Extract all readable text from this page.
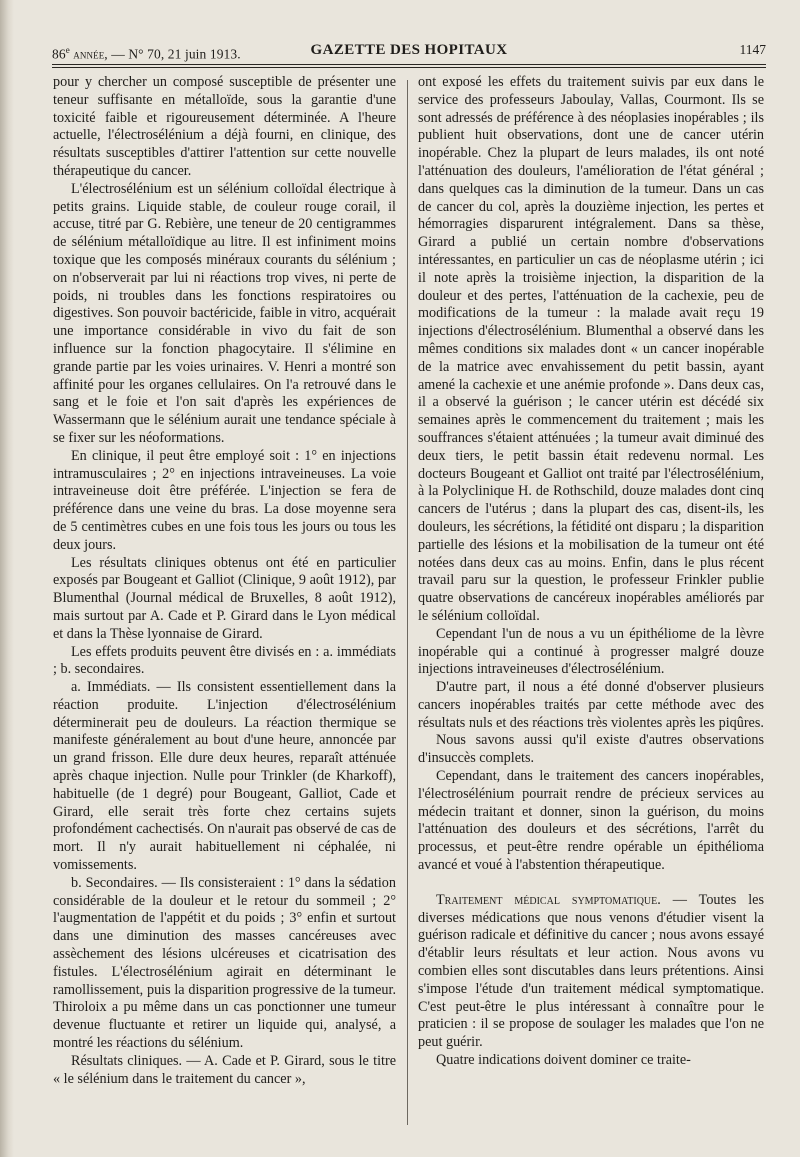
86e année, — N° 70, 21 juin 1913.	GAZETTE DES HOPITAUX	1147

pour y chercher un composé susceptible de présenter une teneur suffisante en métalloïde, sous la garantie d'une toxicité faible et rigoureusement déterminée. A l'heure actuelle, l'électrosélénium a déjà fourni, en clinique, des résultats susceptibles d'attirer l'attention sur cette nouvelle thérapeutique du cancer.

L'électrosélénium est un sélénium colloïdal électrique à petits grains. Liquide stable, de couleur rouge corail, il accuse, titré par G. Rebière, une teneur de 20 centigrammes de sélénium métalloïdique au litre. Il est infiniment moins toxique que les composés minéraux courants du sélénium ; on n'observerait par lui ni réactions trop vives, ni perte de poids, ni troubles dans les fonctions respiratoires ou digestives. Son pouvoir bactéricide, faible in vitro, acquérait une importance considérable in vivo du fait de son influence sur la fonction phagocytaire. Il s'élimine en grande partie par les voies urinaires. V. Henri a montré son affinité pour les organes cellulaires. On l'a retrouvé dans le sang et le foie et l'on sait d'après les expériences de Wassermann que le sélénium aurait une tendance spéciale à se fixer sur les néoformations.

En clinique, il peut être employé soit : 1° en injections intramusculaires ; 2° en injections intraveineuses. La voie intraveineuse doit être préférée. L'injection se fera de préférence dans une veine du bras. La dose moyenne sera de 5 centimètres cubes en une fois tous les jours ou tous les deux jours.

Les résultats cliniques obtenus ont été en particulier exposés par Bougeant et Galliot (Clinique, 9 août 1912), par Blumenthal (Journal médical de Bruxelles, 8 août 1912), mais surtout par A. Cade et P. Girard dans le Lyon médical et dans la Thèse lyonnaise de Girard.

Les effets produits peuvent être divisés en : a. immédiats ; b. secondaires.

a. Immédiats. — Ils consistent essentiellement dans la réaction produite. L'injection d'électrosélénium déterminerait peu de douleurs. La réaction thermique se manifeste généralement au bout d'une heure, annoncée par un grand frisson. Elle dure deux heures, reparaît atténuée après chaque injection. Nulle pour Trinkler (de Kharkoff), habituelle (de 1 degré) pour Bougeant, Galliot, Cade et Girard, elle serait très forte chez certains sujets profondément cachectisés. On n'aurait pas observé de cas de mort. Il n'y aurait habituellement ni céphalée, ni vomissements.

b. Secondaires. — Ils consisteraient : 1° dans la sédation considérable de la douleur et le retour du sommeil ; 2° l'augmentation de l'appétit et du poids ; 3° enfin et surtout dans une diminution des masses cancéreuses avec assèchement des lésions ulcéreuses et cicatrisation des fistules. L'électrosélénium agirait en déterminant le ramollissement, puis la disparition progressive de la tumeur. Thiroloix a pu même dans un cas ponctionner une tumeur devenue fluctuante et retirer un liquide qui, analysé, a montré les réactions du sélénium.

Résultats cliniques. — A. Cade et P. Girard, sous le titre « le sélénium dans le traitement du cancer »,

ont exposé les effets du traitement suivis par eux dans le service des professeurs Jaboulay, Vallas, Courmont. Ils se sont adressés de préférence à des néoplasies inopérables ; ils publient huit observations, dont une de cancer utérin inopérable. Chez la plupart de leurs malades, ils ont noté l'atténuation des douleurs, l'amélioration de l'état général ; dans quelques cas la diminution de la tumeur. Dans un cas de cancer du col, après la douzième injection, les pertes et hémorragies disparurent intégralement. Dans sa thèse, Girard a publié un certain nombre d'observations intéressantes, en particulier un cas de néoplasme utérin ; ici il note après la troisième injection, la disparition de la douleur et des pertes, l'atténuation de la cachexie, peu de modifications de la tumeur : la malade avait reçu 19 injections d'électrosélénium. Blumenthal a observé dans les mêmes conditions six malades dont « un cancer inopérable de la matrice avec envahissement du petit bassin, ayant amené la cachexie et une anémie profonde ». Dans deux cas, il a observé la guérison ; le cancer utérin est décédé six semaines après le commencement du traitement ; mais les souffrances s'étaient atténuées ; la tumeur avait diminué des deux tiers, le petit bassin était redevenu normal. Les docteurs Bougeant et Galliot ont traité par l'électrosélénium, à la Polyclinique H. de Rothschild, douze malades dont cinq cancers de l'utérus ; dans la plupart des cas, disent-ils, les douleurs, les sécrétions, la fétidité ont disparu ; la disparition partielle des lésions et la mobilisation de la tumeur ont été notées dans deux cas au moins. Enfin, dans le plus récent travail paru sur la question, le professeur Frinkler publie quatre observations de cancéreux inopérables améliorés par le sélénium colloïdal.

Cependant l'un de nous a vu un épithéliome de la lèvre inopérable qui a continué à progresser malgré douze injections intraveineuses d'électrosélénium.

D'autre part, il nous a été donné d'observer plusieurs cancers inopérables traités par cette méthode avec des résultats nuls et des réactions très violentes après les piqûres.

Nous savons aussi qu'il existe d'autres observations d'insuccès complets.

Cependant, dans le traitement des cancers inopérables, l'électrosélénium pourrait rendre de précieux services au médecin traitant et donner, sinon la guérison, du moins l'atténuation des douleurs et des sécrétions, l'arrêt du processus, et peut-être rendre opérable un épithélioma avancé et voué à l'abstention thérapeutique.

Traitement médical symptomatique. — Toutes les diverses médications que nous venons d'étudier visent la guérison radicale et définitive du cancer ; nous avons essayé d'établir leurs résultats et leur action. Nous avons vu combien elles sont discutables dans leurs prétentions. Ainsi s'impose l'étude d'un traitement médical symptomatique. C'est peut-être le plus intéressant à connaître pour le praticien : il se propose de soulager les malades que l'on ne peut guérir.

Quatre indications doivent dominer ce traite-
